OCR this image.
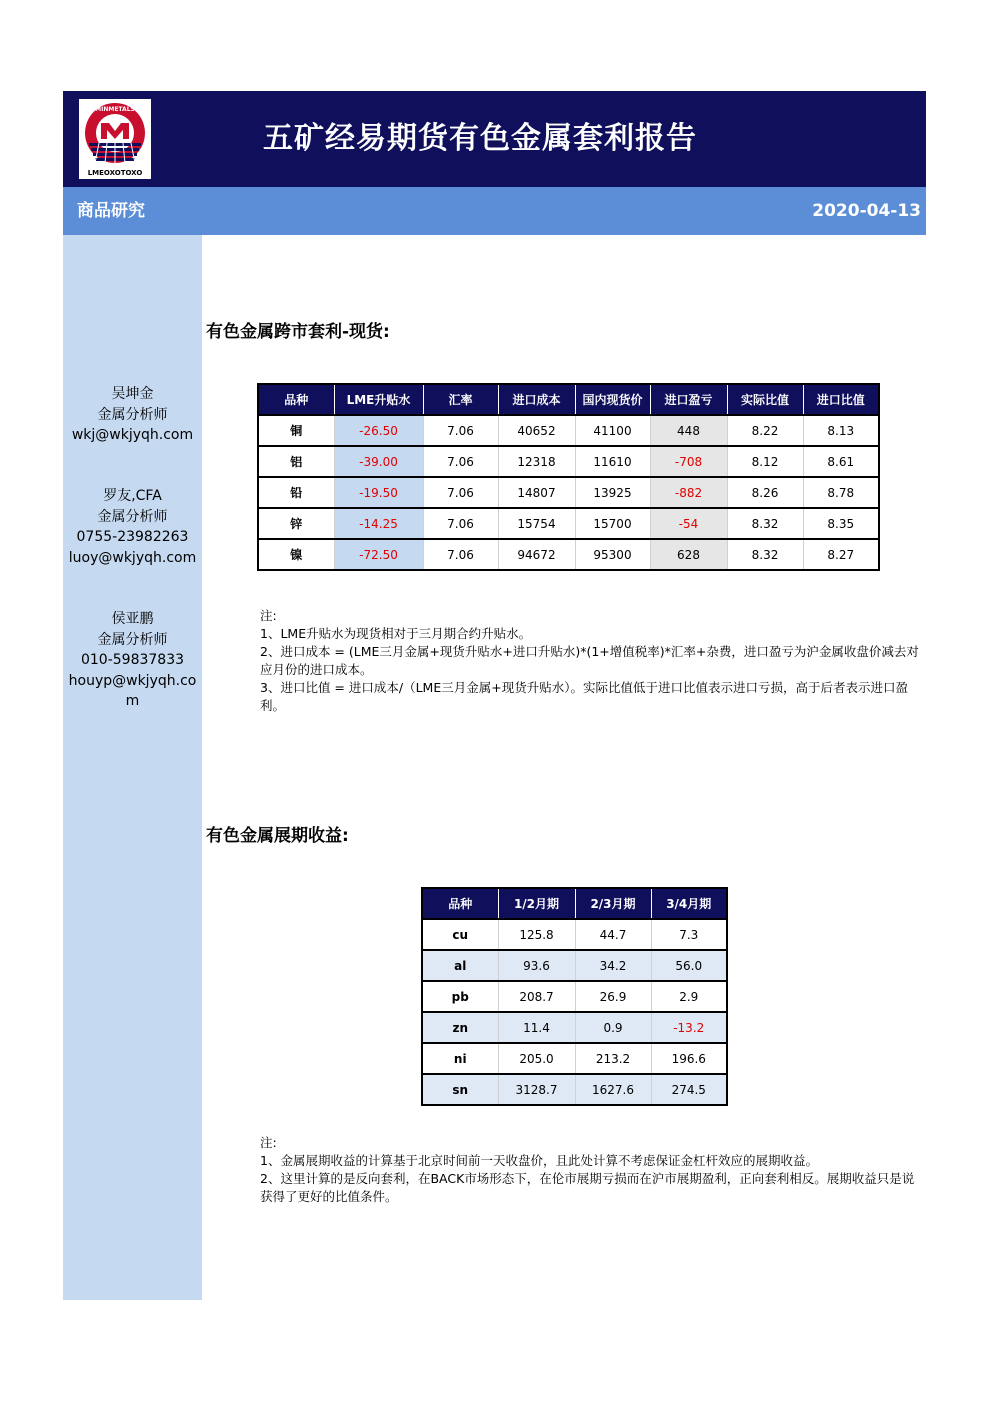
MINMETALS
LMEOXOTOXO
五矿经易期货有色金属套利报告
商品研究	2020-04-13
吴坤金
金属分析师
wkj@wkjyqh.com
罗友,CFA
金属分析师
0755-23982263
luoy@wkjyqh.com
侯亚鹏
金属分析师
010-59837833
houyp@wkjyqh.com
有色金属跨市套利-现货:
品种	LME升贴水	汇率	进口成本	国内现货价	进口盈亏	实际比值	进口比值
铜	-26.50	7.06	40652	41100	448	8.22	8.13
铝	-39.00	7.06	12318	11610	-708	8.12	8.61
铅	-19.50	7.06	14807	13925	-882	8.26	8.78
锌	-14.25	7.06	15754	15700	-54	8.32	8.35
镍	-72.50	7.06	94672	95300	628	8.32	8.27
注:
1、LME升贴水为现货相对于三月期合约升贴水。
2、进口成本 = (LME三月金属+现货升贴水+进口升贴水)*(1+增值税率)*汇率+杂费，进口盈亏为沪金属收盘价减去对应月份的进口成本。
3、进口比值 = 进口成本/（LME三月金属+现货升贴水）。实际比值低于进口比值表示进口亏损，高于后者表示进口盈利。
有色金属展期收益:
品种	1/2月期	2/3月期	3/4月期
cu	125.8	44.7	7.3
al	93.6	34.2	56.0
pb	208.7	26.9	2.9
zn	11.4	0.9	-13.2
ni	205.0	213.2	196.6
sn	3128.7	1627.6	274.5
注:
1、金属展期收益的计算基于北京时间前一天收盘价，且此处计算不考虑保证金杠杆效应的展期收益。
2、这里计算的是反向套利，在BACK市场形态下，在伦市展期亏损而在沪市展期盈利，正向套利相反。展期收益只是说获得了更好的比值条件。
